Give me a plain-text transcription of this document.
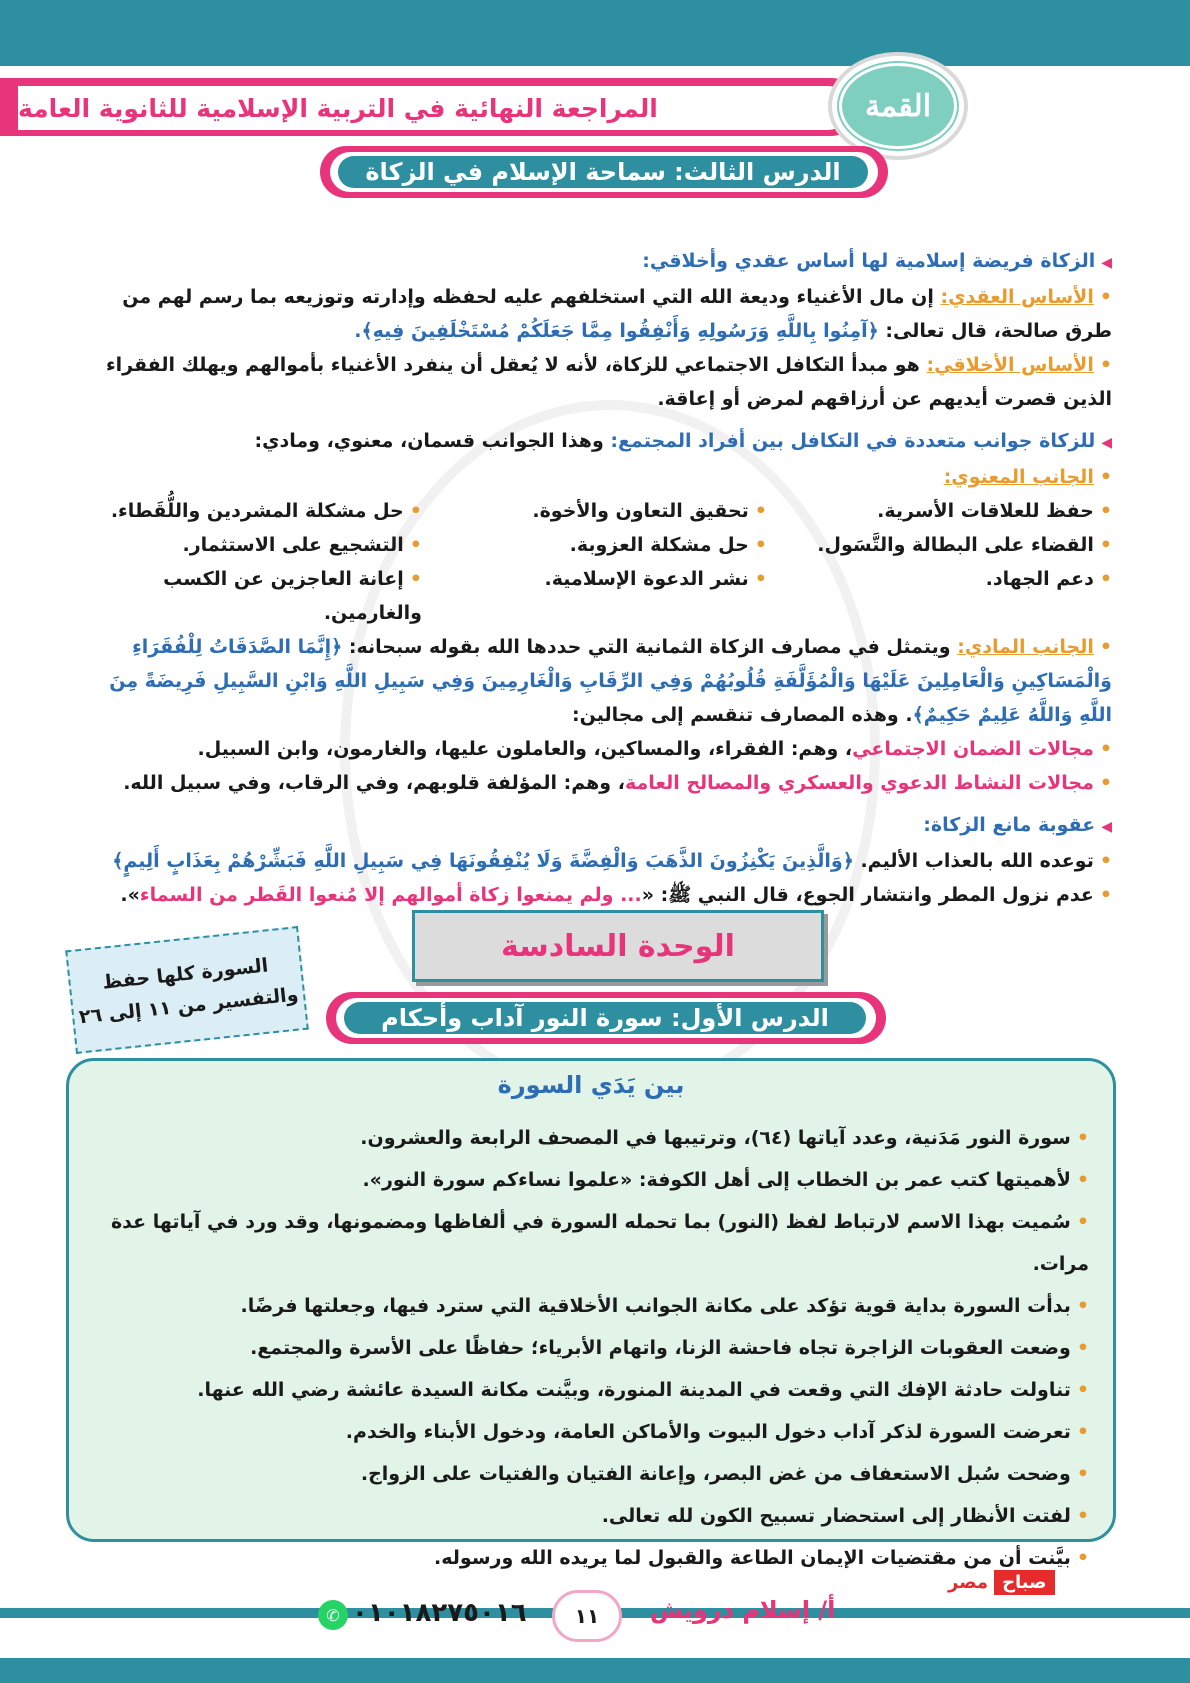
المراجعة النهائية في التربية الإسلامية للثانوية العامة	القمة
الدرس الثالث: سماحة الإسلام في الزكاة
◀الزكاة فريضة إسلامية لها أساس عقدي وأخلاقي:
•الأساس العقدي: إن مال الأغنياء وديعة الله التي استخلفهم عليه لحفظه وإدارته وتوزيعه بما رسم لهم من طرق صالحة، قال تعالى: ﴿آمِنُوا بِاللَّهِ وَرَسُولِهِ وَأَنْفِقُوا مِمَّا جَعَلَكُمْ مُسْتَخْلَفِينَ فِيهِ﴾.
•الأساس الأخلاقي: هو مبدأ التكافل الاجتماعي للزكاة، لأنه لا يُعقل أن ينفرد الأغنياء بأموالهم ويهلك الفقراء الذين قصرت أيديهم عن أرزاقهم لمرض أو إعاقة.
◀للزكاة جوانب متعددة في التكافل بين أفراد المجتمع: وهذا الجوانب قسمان، معنوي، ومادي:
•الجانب المعنوي:
•حفظ للعلاقات الأسرية.
•تحقيق التعاون والأخوة.
•حل مشكلة المشردين واللُّقَطاء.
•القضاء على البطالة والتَّسَول.
•حل مشكلة العزوبة.
•التشجيع على الاستثمار.
•دعم الجهاد.
•نشر الدعوة الإسلامية.
•إعانة العاجزين عن الكسب والغارمين.
•الجانب المادي: ويتمثل في مصارف الزكاة الثمانية التي حددها الله بقوله سبحانه: ﴿إِنَّمَا الصَّدَقَاتُ لِلْفُقَرَاءِ وَالْمَسَاكِينِ وَالْعَامِلِينَ عَلَيْهَا وَالْمُؤَلَّفَةِ قُلُوبُهُمْ وَفِي الرِّقَابِ وَالْغَارِمِينَ وَفِي سَبِيلِ اللَّهِ وَابْنِ السَّبِيلِ فَرِيضَةً مِنَ اللَّهِ وَاللَّهُ عَلِيمٌ حَكِيمٌ﴾. وهذه المصارف تنقسم إلى مجالين:
•مجالات الضمان الاجتماعي، وهم: الفقراء، والمساكين، والعاملون عليها، والغارمون، وابن السبيل.
•مجالات النشاط الدعوي والعسكري والمصالح العامة، وهم: المؤلفة قلوبهم، وفي الرقاب، وفي سبيل الله.
◀عقوبة مانع الزكاة:
•توعده الله بالعذاب الأليم. ﴿وَالَّذِينَ يَكْنِزُونَ الذَّهَبَ وَالْفِضَّةَ وَلَا يُنْفِقُونَهَا فِي سَبِيلِ اللَّهِ فَبَشِّرْهُمْ بِعَذَابٍ أَلِيمٍ﴾
•عدم نزول المطر وانتشار الجوع، قال النبي ﷺ: «... ولم يمنعوا زكاة أموالهم إلا مُنعوا القَطر من السماء».
الوحدة السادسة
السورة كلها حفظ
والتفسير من ١١ إلى ٢٦	الدرس الأول: سورة النور آداب وأحكام
بين يَدَي السورة
•سورة النور مَدَنية، وعدد آياتها (٦٤)، وترتيبها في المصحف الرابعة والعشرون.
•لأهميتها كتب عمر بن الخطاب إلى أهل الكوفة: «علموا نساءكم سورة النور».
•سُميت بهذا الاسم لارتباط لفظ (النور) بما تحمله السورة في ألفاظها ومضمونها، وقد ورد في آياتها عدة مرات.
•بدأت السورة بداية قوية تؤكد على مكانة الجوانب الأخلاقية التي سترد فيها، وجعلتها فرضًا.
•وضعت العقوبات الزاجرة تجاه فاحشة الزنا، واتهام الأبرياء؛ حفاظًا على الأسرة والمجتمع.
•تناولت حادثة الإفك التي وقعت في المدينة المنورة، وبيَّنت مكانة السيدة عائشة رضي الله عنها.
•تعرضت السورة لذكر آداب دخول البيوت والأماكن العامة، ودخول الأبناء والخدم.
•وضحت سُبل الاستعفاف من غض البصر، وإعانة الفتيان والفتيات على الزواج.
•لفتت الأنظار إلى استحضار تسبيح الكون لله تعالى.
•بيَّنت أن من مقتضيات الإيمان الطاعة والقبول لما يريده الله ورسوله.
مصر صباح
أ/ إسلام درويش
١١
٠١٠١٨٢٧٥٠١٦
✆
